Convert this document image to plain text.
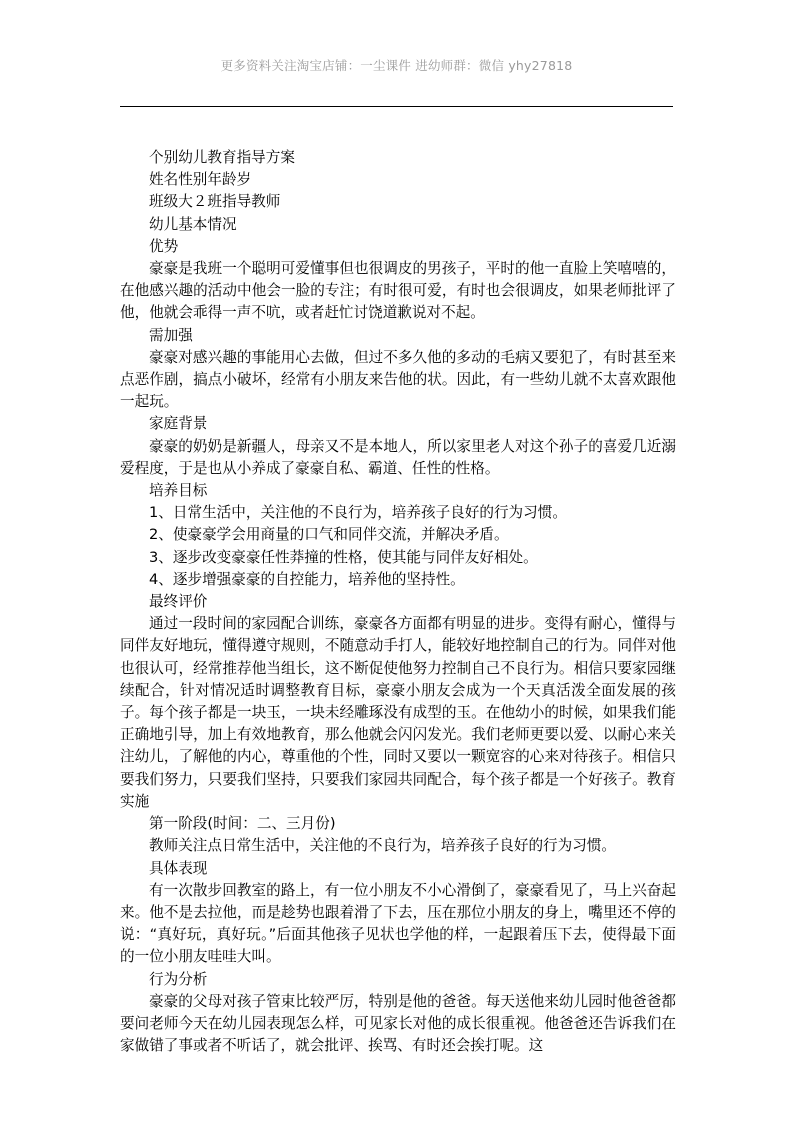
更多资料关注淘宝店铺：一尘课件 进幼师群：微信 yhy27818
个别幼儿教育指导方案
姓名性别年龄岁
班级大２班指导教师
幼儿基本情况
优势
豪豪是我班一个聪明可爱懂事但也很调皮的男孩子，平时的他一直脸上笑嘻嘻的，在他感兴趣的活动中他会一脸的专注；有时很可爱，有时也会很调皮，如果老师批评了他，他就会乖得一声不吭，或者赶忙讨饶道歉说对不起。
需加强
豪豪对感兴趣的事能用心去做，但过不多久他的多动的毛病又要犯了，有时甚至来点恶作剧，搞点小破坏，经常有小朋友来告他的状。因此，有一些幼儿就不太喜欢跟他一起玩。
家庭背景
豪豪的奶奶是新疆人，母亲又不是本地人，所以家里老人对这个孙子的喜爱几近溺爱程度，于是也从小养成了豪豪自私、霸道、任性的性格。
培养目标
1、日常生活中，关注他的不良行为，培养孩子良好的行为习惯。
2、使豪豪学会用商量的口气和同伴交流，并解决矛盾。
3、逐步改变豪豪任性莽撞的性格，使其能与同伴友好相处。
4、逐步增强豪豪的自控能力，培养他的坚持性。
最终评价
通过一段时间的家园配合训练，豪豪各方面都有明显的进步。变得有耐心，懂得与同伴友好地玩，懂得遵守规则，不随意动手打人，能较好地控制自己的行为。同伴对他也很认可，经常推荐他当组长，这不断促使他努力控制自己不良行为。相信只要家园继续配合，针对情况适时调整教育目标，豪豪小朋友会成为一个天真活泼全面发展的孩子。每个孩子都是一块玉，一块未经雕琢没有成型的玉。在他幼小的时候，如果我们能正确地引导，加上有效地教育，那么他就会闪闪发光。我们老师更要以爱、以耐心来关注幼儿，了解他的内心，尊重他的个性，同时又要以一颗宽容的心来对待孩子。相信只要我们努力，只要我们坚持，只要我们家园共同配合，每个孩子都是一个好孩子。教育实施
第一阶段(时间：二、三月份)
教师关注点日常生活中，关注他的不良行为，培养孩子良好的行为习惯。
具体表现
有一次散步回教室的路上，有一位小朋友不小心滑倒了，豪豪看见了，马上兴奋起来。他不是去拉他，而是趁势也跟着滑了下去，压在那位小朋友的身上，嘴里还不停的说：“真好玩，真好玩。”后面其他孩子见状也学他的样，一起跟着压下去，使得最下面的一位小朋友哇哇大叫。
行为分析
豪豪的父母对孩子管束比较严厉，特别是他的爸爸。每天送他来幼儿园时他爸爸都要问老师今天在幼儿园表现怎么样，可见家长对他的成长很重视。他爸爸还告诉我们在家做错了事或者不听话了，就会批评、挨骂、有时还会挨打呢。这
